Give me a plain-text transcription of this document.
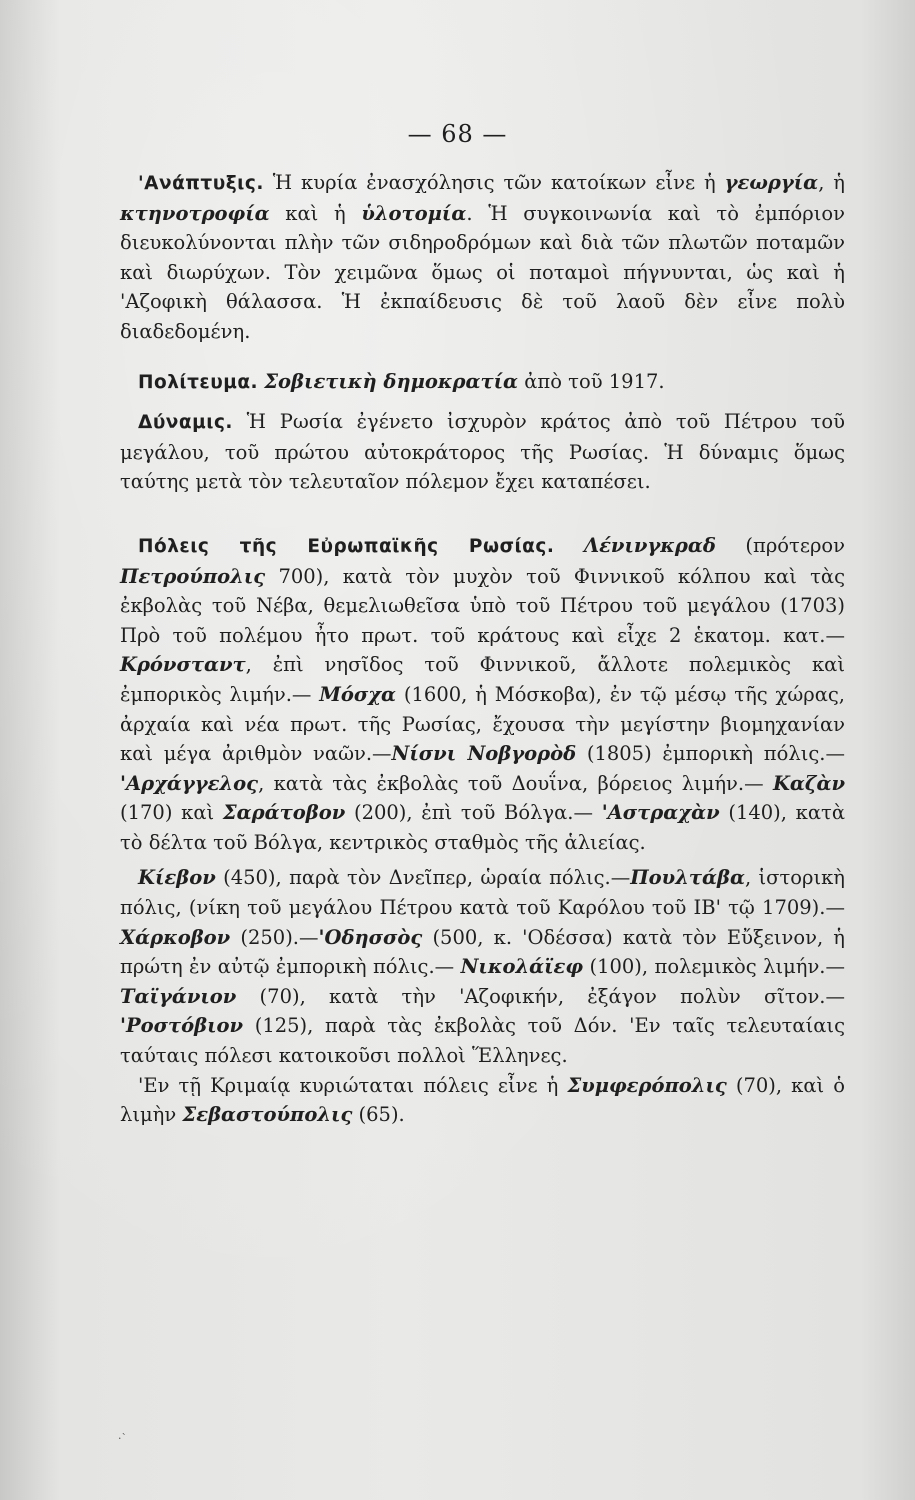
— 68 —

'Ανάπτυξις. Ἡ κυρία ἐνασχόλησις τῶν κατοίκων εἶνε ἡ γεωργία, ἡ κτηνοτροφία καὶ ἡ ὑλοτομία. Ἡ συγκοινωνία καὶ τὸ ἐμπόριον διευκολύνονται πλὴν τῶν σιδηροδρόμων καὶ διὰ τῶν πλωτῶν ποταμῶν καὶ διωρύχων. Τὸν χειμῶνα ὅμως οἱ ποταμοὶ πήγνυνται, ὡς καὶ ἡ 'Αζοφικὴ θάλασσα. Ἡ ἐκπαίδευσις δὲ τοῦ λαοῦ δὲν εἶνε πολὺ διαδεδομένη.

Πολίτευμα. Σοβιετικὴ δημοκρατία ἀπὸ τοῦ 1917.

Δύναμις. Ἡ Ρωσία ἐγένετο ἰσχυρὸν κράτος ἀπὸ τοῦ Πέτρου τοῦ μεγάλου, τοῦ πρώτου αὐτοκράτορος τῆς Ρωσίας. Ἡ δύναμις ὅμως ταύτης μετὰ τὸν τελευταῖον πόλεμον ἔχει καταπέσει.

Πόλεις τῆς Εὐρωπαϊκῆς Ρωσίας. Λένινγκραδ (πρότερον Πετρούπολις 700), κατὰ τὸν μυχὸν τοῦ Φιννικοῦ κόλπου καὶ τὰς ἐκβολὰς τοῦ Νέβα, θεμελιωθεῖσα ὑπὸ τοῦ Πέτρου τοῦ μεγάλου (1703) Πρὸ τοῦ πολέμου ἦτο πρωτ. τοῦ κράτους καὶ εἶχε 2 ἑκατομ. κατ.— Κρόνσταντ, ἐπὶ νησῖδος τοῦ Φιννικοῦ, ἄλλοτε πολεμικὸς καὶ ἐμπορικὸς λιμήν.— Μόσχα (1600, ἡ Μόσκοβα), ἐν τῷ μέσῳ τῆς χώρας, ἀρχαία καὶ νέα πρωτ. τῆς Ρωσίας, ἔχουσα τὴν μεγίστην βιομηχανίαν καὶ μέγα ἀριθμὸν ναῶν.—Νίσνι Νοβγορὸδ (1805) ἐμπορικὴ πόλις.— 'Αρχάγγελος, κατὰ τὰς ἐκβολὰς τοῦ Δουΐνα, βόρειος λιμήν.— Καζὰν (170) καὶ Σαράτοβον (200), ἐπὶ τοῦ Βόλγα.— 'Αστραχὰν (140), κατὰ τὸ δέλτα τοῦ Βόλγα, κεντρικὸς σταθμὸς τῆς ἁλιείας.

Κίεβον (450), παρὰ τὸν Δνεῖπερ, ὡραία πόλις.—Πουλτάβα, ἱστορικὴ πόλις, (νίκη τοῦ μεγάλου Πέτρου κατὰ τοῦ Καρόλου τοῦ ΙΒ' τῷ 1709).—Χάρκοβον (250).—'Οδησσὸς (500, κ. 'Οδέσσα) κατὰ τὸν Εὔξεινον, ἡ πρώτη ἐν αὐτῷ ἐμπορικὴ πόλις.— Νικολάϊεφ (100), πολεμικὸς λιμήν.—Ταϊγάνιον (70), κατὰ τὴν 'Αζοφικήν, ἐξάγον πολὺν σῖτον.— 'Ροστόβιον (125), παρὰ τὰς ἐκβολὰς τοῦ Δόν. 'Εν ταῖς τελευταίαις ταύταις πόλεσι κατοικοῦσι πολλοὶ Ἕλληνες.

'Εν τῇ Κριμαίᾳ κυριώταται πόλεις εἶνε ἡ Συμφερόπολις (70), καὶ ὁ λιμὴν Σεβαστούπολις (65).

·՝
